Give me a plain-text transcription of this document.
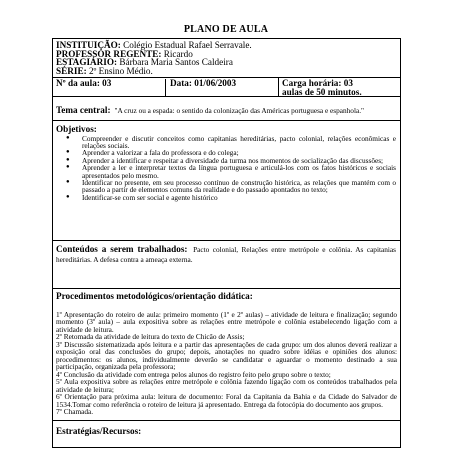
PLANO DE AULA
INSTITUIÇÃO: Colégio Estadual Rafael Serravale.
PROFESSOR REGENTE: Ricardo
ESTAGIÁRIO: Bárbara Maria Santos Caldeira
SÉRIE: 2º Ensino Médio.
Nº da aula: 03	Data: 01/06/2003	Carga horária: 03
aulas de 50 minutos.
Tema central: "A cruz ou a espada: o sentido da colonização das Américas portuguesa e espanhola."
Objetivos:
● Compreender e discutir conceitos como capitanias hereditárias, pacto colonial, relações econômicas e relações sociais.
● Aprender a valorizar a fala do professora e do colega;
● Aprender a identificar e respeitar a diversidade da turma nos momentos de socialização das discussões;
● Aprender a ler e interpretar textos da língua portuguesa e articulá-los com os fatos históricos e sociais apresentados pelo mesmo.
● Identificar no presente, em seu processo contínuo de construção histórica, as relações que mantém com o passado a partir de elementos comuns da realidade e do passado apontados no texto;
● Identificar-se com ser social e agente histórico
Conteúdos a serem trabalhados: Pacto colonial, Relações entre metrópole e colônia. As capitanias hereditárias. A defesa contra a ameaça externa.
Procedimentos metodológicos/orientação didática:

1º Apresentação do roteiro de aula: primeiro momento (1º e 2º aulas) – atividade de leitura e finalização; segundo momento (3º aula) – aula expositiva sobre as relações entre metrópole e colônia estabelecendo ligação com a atividade de leitura.

2º Retomada da atividade de leitura do texto de Chicão de Assis;

3º Discussão sistematizada após leitura e a partir das apresentações de cada grupo: um dos alunos deverá realizar a exposição oral das conclusões do grupo; depois, anotações no quadro sobre idéias e opiniões dos alunos: procedimentos: os alunos, individualmente deverão se candidatar e aguardar o momento destinado a sua participação, organizada pela professora;

4º Conclusão da atividade com entrega pelos alunos do registro feito pelo grupo sobre o texto;

5º Aula expositiva sobre as relações entre metrópole e colônia fazendo ligação com os conteúdos trabalhados pela atividade de leitura;

6º Orientação para próxima aula: leitura de documento: Foral da Capitania da Bahia e da Cidade do Salvador de 1534.Tomar como referência o roteiro de leitura já apresentado. Entrega da fotocópia do documento aos grupos.

7º Chamada.

Estratégias/Recursos:
